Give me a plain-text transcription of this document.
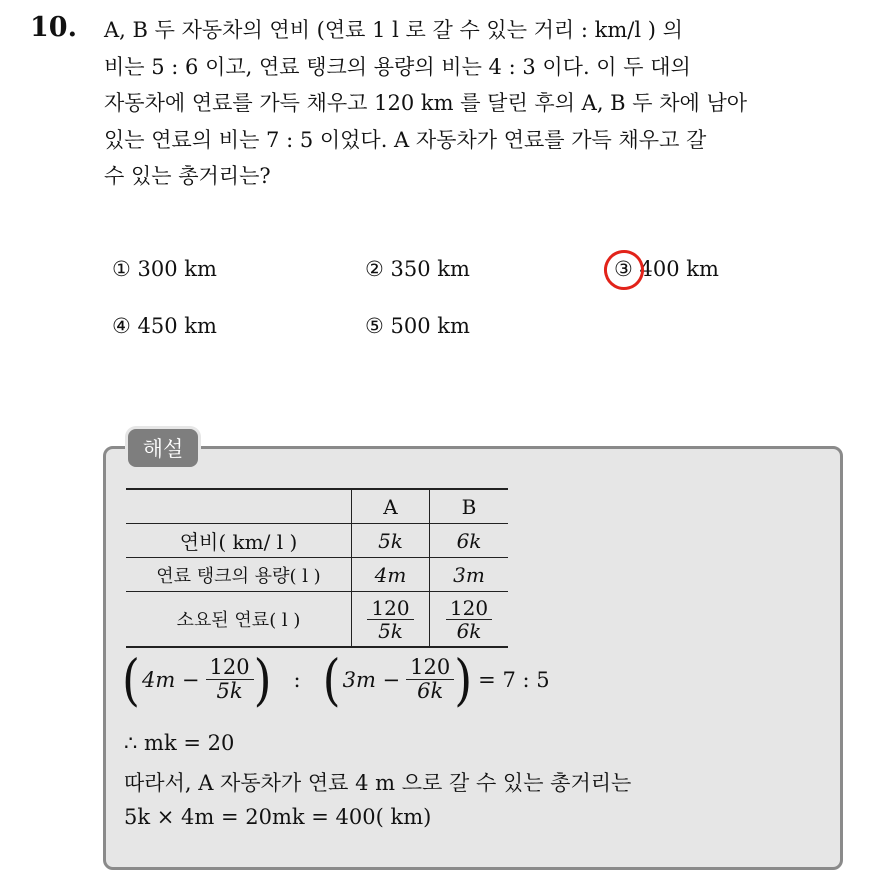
10. A, B 두 자동차의 연비 (연료 1 l 로 갈 수 있는 거리 : km/l ) 의
비는 5 : 6 이고, 연료 탱크의 용량의 비는 4 : 3 이다. 이 두 대의
자동차에 연료를 가득 채우고 120 km 를 달린 후의 A, B 두 차에 남아
있는 연료의 비는 7 : 5 이었다. A 자동차가 연료를 가득 채우고 갈
수 있는 총거리는?
① 300 km	② 350 km	③ 400 km
④ 450 km	⑤ 500 km
해설
	A	B
연비( km/ l )	5k	6k
연료 탱크의 용량( l )	4m	3m
소요된 연료( l )	$\frac{120}{5k}$	$\frac{120}{6k}$
( $4m - \frac{120}{5k}$ ) : ( $3m - \frac{120}{6k}$ ) = 7 : 5
∴ mk = 20
따라서, A 자동차가 연료 4 m 으로 갈 수 있는 총거리는
5k × 4m = 20mk = 400( km)
